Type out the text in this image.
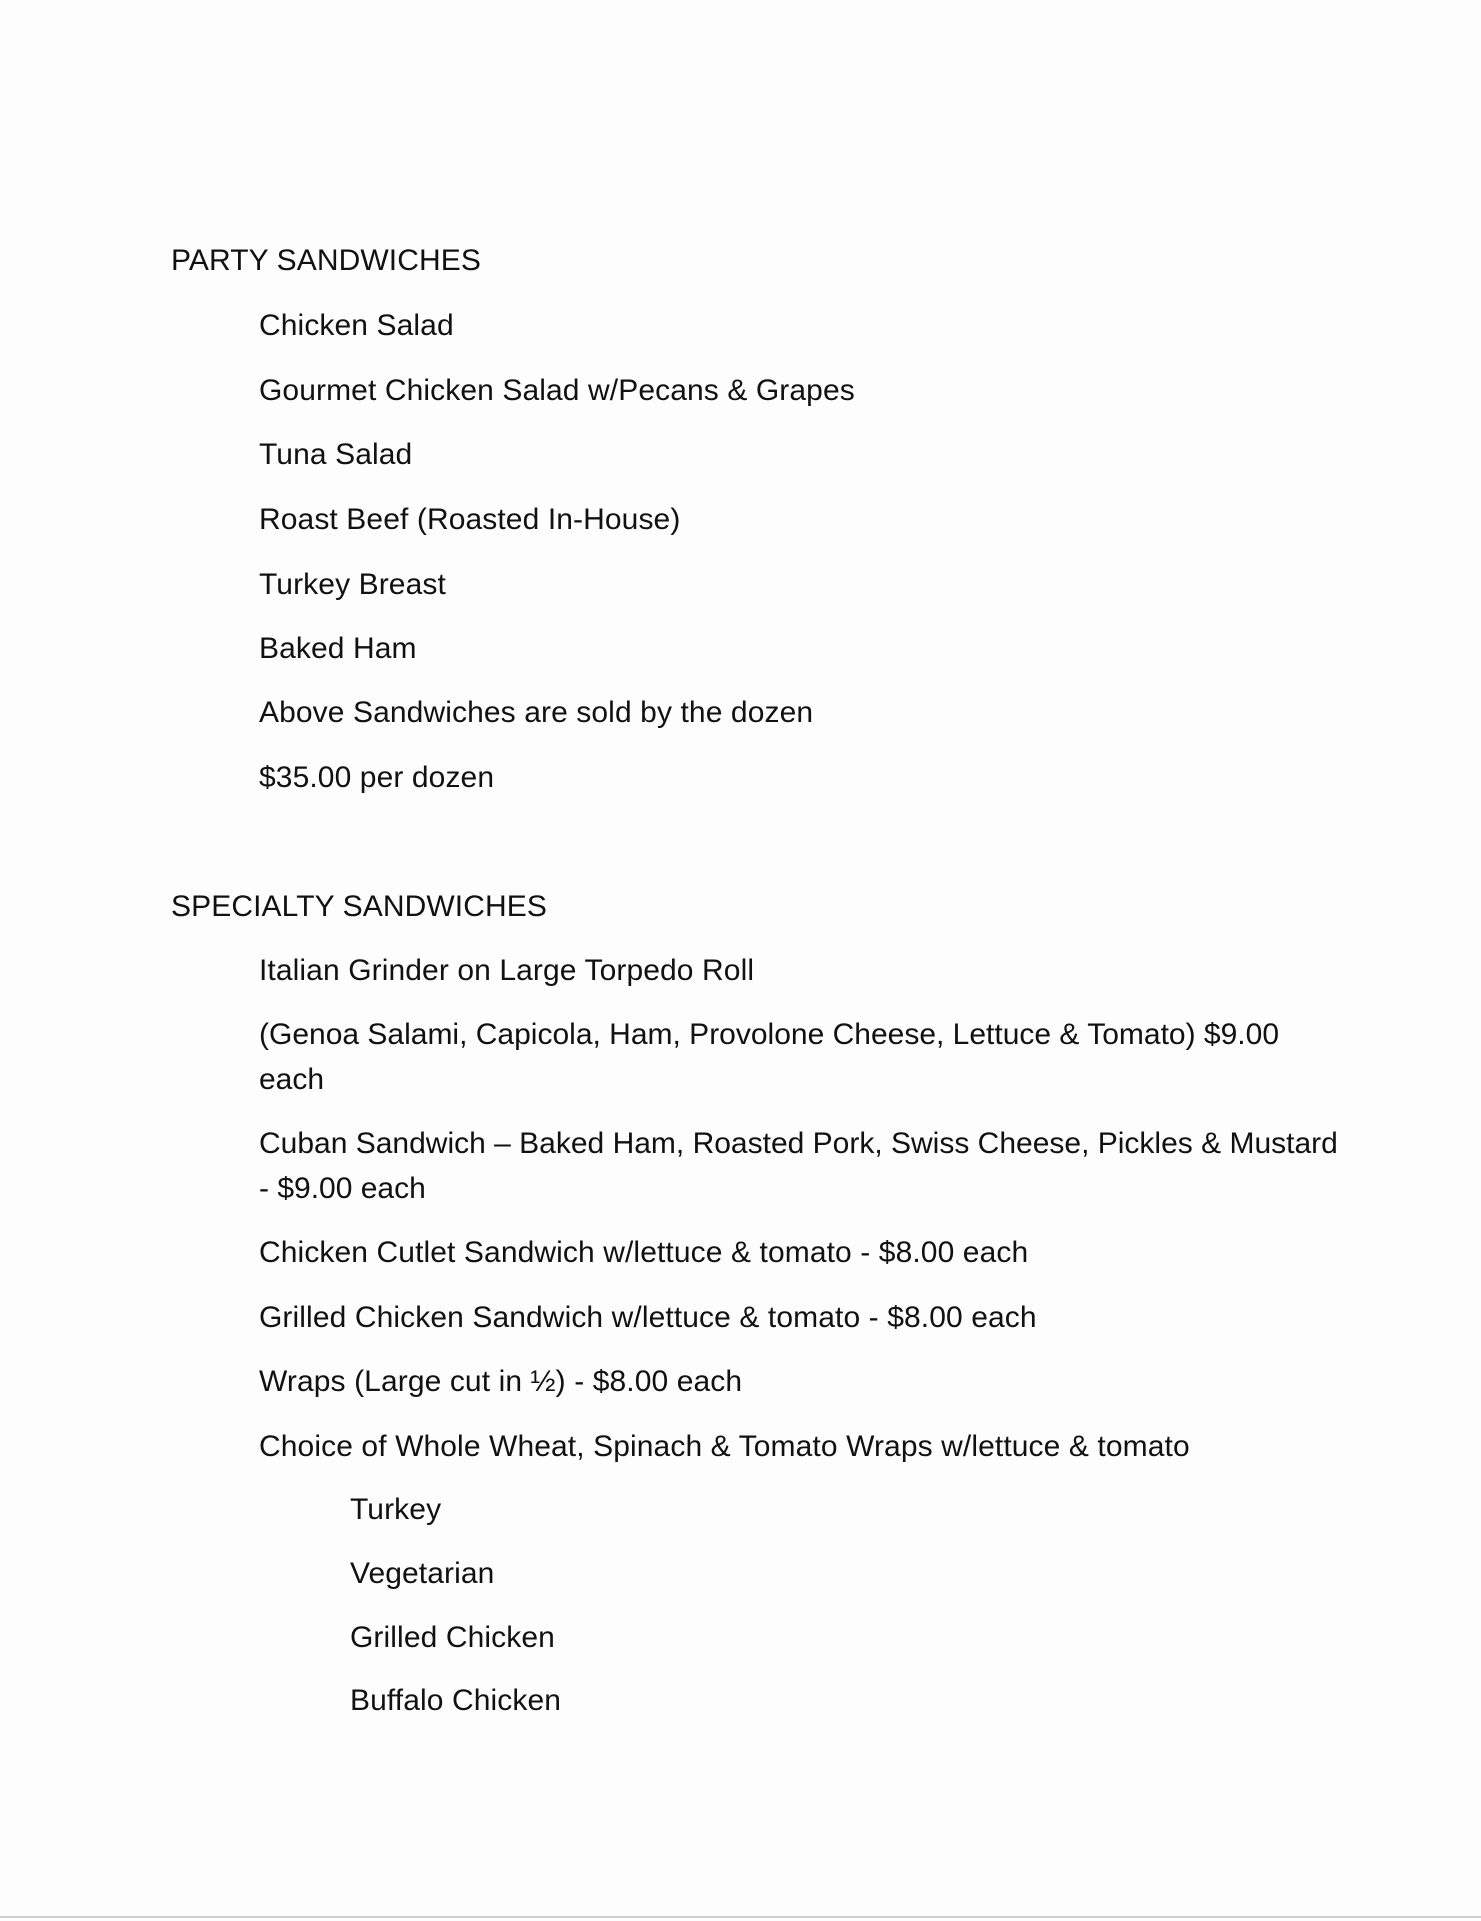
PARTY SANDWICHES
Chicken Salad
Gourmet Chicken Salad w/Pecans & Grapes
Tuna Salad
Roast Beef (Roasted In-House)
Turkey Breast
Baked Ham
Above Sandwiches are sold by the dozen
$35.00 per dozen
SPECIALTY SANDWICHES
Italian Grinder on Large Torpedo Roll
(Genoa Salami, Capicola, Ham, Provolone Cheese, Lettuce & Tomato) $9.00 each
Cuban Sandwich – Baked Ham, Roasted Pork, Swiss Cheese, Pickles & Mustard - $9.00 each
Chicken Cutlet Sandwich w/lettuce & tomato - $8.00 each
Grilled Chicken Sandwich w/lettuce & tomato - $8.00 each
Wraps (Large cut in ½) - $8.00 each
Choice of Whole Wheat, Spinach & Tomato Wraps w/lettuce & tomato
Turkey
Vegetarian
Grilled Chicken
Buffalo Chicken
